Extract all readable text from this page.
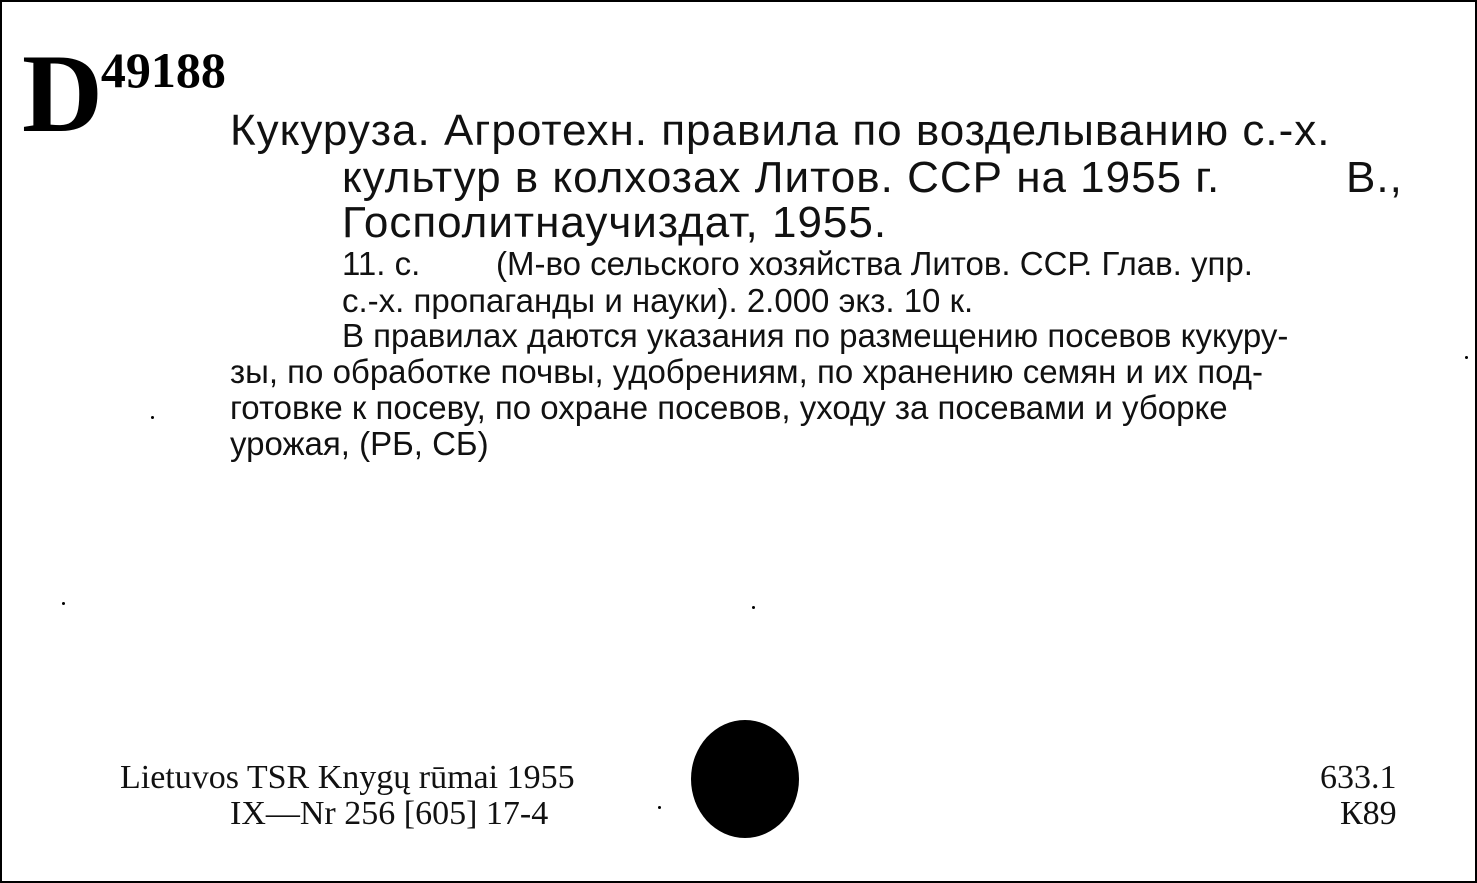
D49188
Кукуруза. Агротехн. правила по возделыванию с.-х.
культур в колхозах Литов. ССР на 1955 г.	В.,
Госполитнаучиздат, 1955.
11. с. (М-во сельского хозяйства Литов. ССР. Глав. упр.
с.-х. пропаганды и науки). 2.000 экз. 10 к.
В правилах даются указания по размещению посевов кукуру-
зы, по обработке почвы, удобрениям, по хранению семян и их под-
готовке к посеву, по охране посевов, уходу за посевами и уборке
урожая, (РБ, СБ)
Lietuvos TSR Knygų rūmai 1955
IX—Nr 256 [605] 17-4
633.1
К89
